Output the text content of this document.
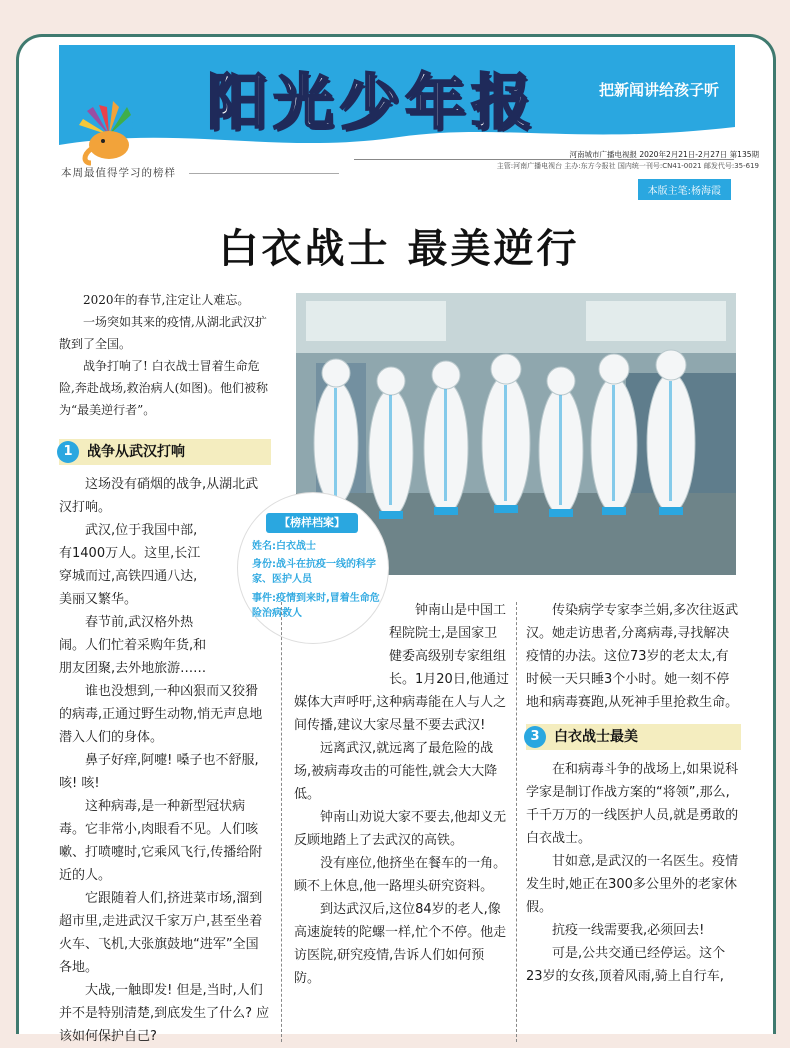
阳光少年报	把新闻讲给孩子听
本周最值得学习的榜样
河南城市广播电视报 2020年2月21日-2月27日 第135期
主管:河南广播电视台 主办:东方今报社 国内统一刊号:CN41-0021 邮发代号:35-619
本版主笔:杨海霞
白衣战士 最美逆行

2020年的春节,注定让人难忘。

一场突如其来的疫情,从湖北武汉扩散到了全国。

战争打响了! 白衣战士冒着生命危险,奔赴战场,救治病人(如图)。他们被称为“最美逆行者”。

【榜样档案】
姓名:白衣战士
身份:战斗在抗疫一线的科学家、医护人员
事件:疫情到来时,冒着生命危险治病救人
1	战争从武汉打响

这场没有硝烟的战争,从湖北武汉打响。

武汉,位于我国中部,有1400万人。这里,长江穿城而过,高铁四通八达,美丽又繁华。

春节前,武汉格外热闹。人们忙着采购年货,和朋友团聚,去外地旅游……

谁也没想到,一种凶狠而又狡猾的病毒,正通过野生动物,悄无声息地潜入人们的身体。

鼻子好痒,阿嚏! 嗓子也不舒服,咳! 咳!

这种病毒,是一种新型冠状病毒。它非常小,肉眼看不见。人们咳嗽、打喷嚏时,它乘风飞行,传播给附近的人。

它跟随着人们,挤进菜市场,溜到超市里,走进武汉千家万户,甚至坐着火车、飞机,大张旗鼓地“进军”全国各地。

大战,一触即发! 但是,当时,人们并不是特别清楚,到底发生了什么? 应该如何保护自己?

钟南山是中国工程院院士,是国家卫健委高级别专家组组长。1月20日,他通过媒体大声呼吁,这种病毒能在人与人之间传播,建议大家尽量不要去武汉!

远离武汉,就远离了最危险的战场,被病毒攻击的可能性,就会大大降低。

钟南山劝说大家不要去,他却义无反顾地踏上了去武汉的高铁。

没有座位,他挤坐在餐车的一角。顾不上休息,他一路埋头研究资料。

到达武汉后,这位84岁的老人,像高速旋转的陀螺一样,忙个不停。他走访医院,研究疫情,告诉人们如何预防。

传染病学专家李兰娟,多次往返武汉。她走访患者,分离病毒,寻找解决疫情的办法。这位73岁的老太太,有时候一天只睡3个小时。她一刻不停地和病毒赛跑,从死神手里抢救生命。

3	白衣战士最美

在和病毒斗争的战场上,如果说科学家是制订作战方案的“将领”,那么,千千万万的一线医护人员,就是勇敢的白衣战士。

甘如意,是武汉的一名医生。疫情发生时,她正在300多公里外的老家休假。

抗疫一线需要我,必须回去!

可是,公共交通已经停运。这个23岁的女孩,顶着风雨,骑上自行车,
